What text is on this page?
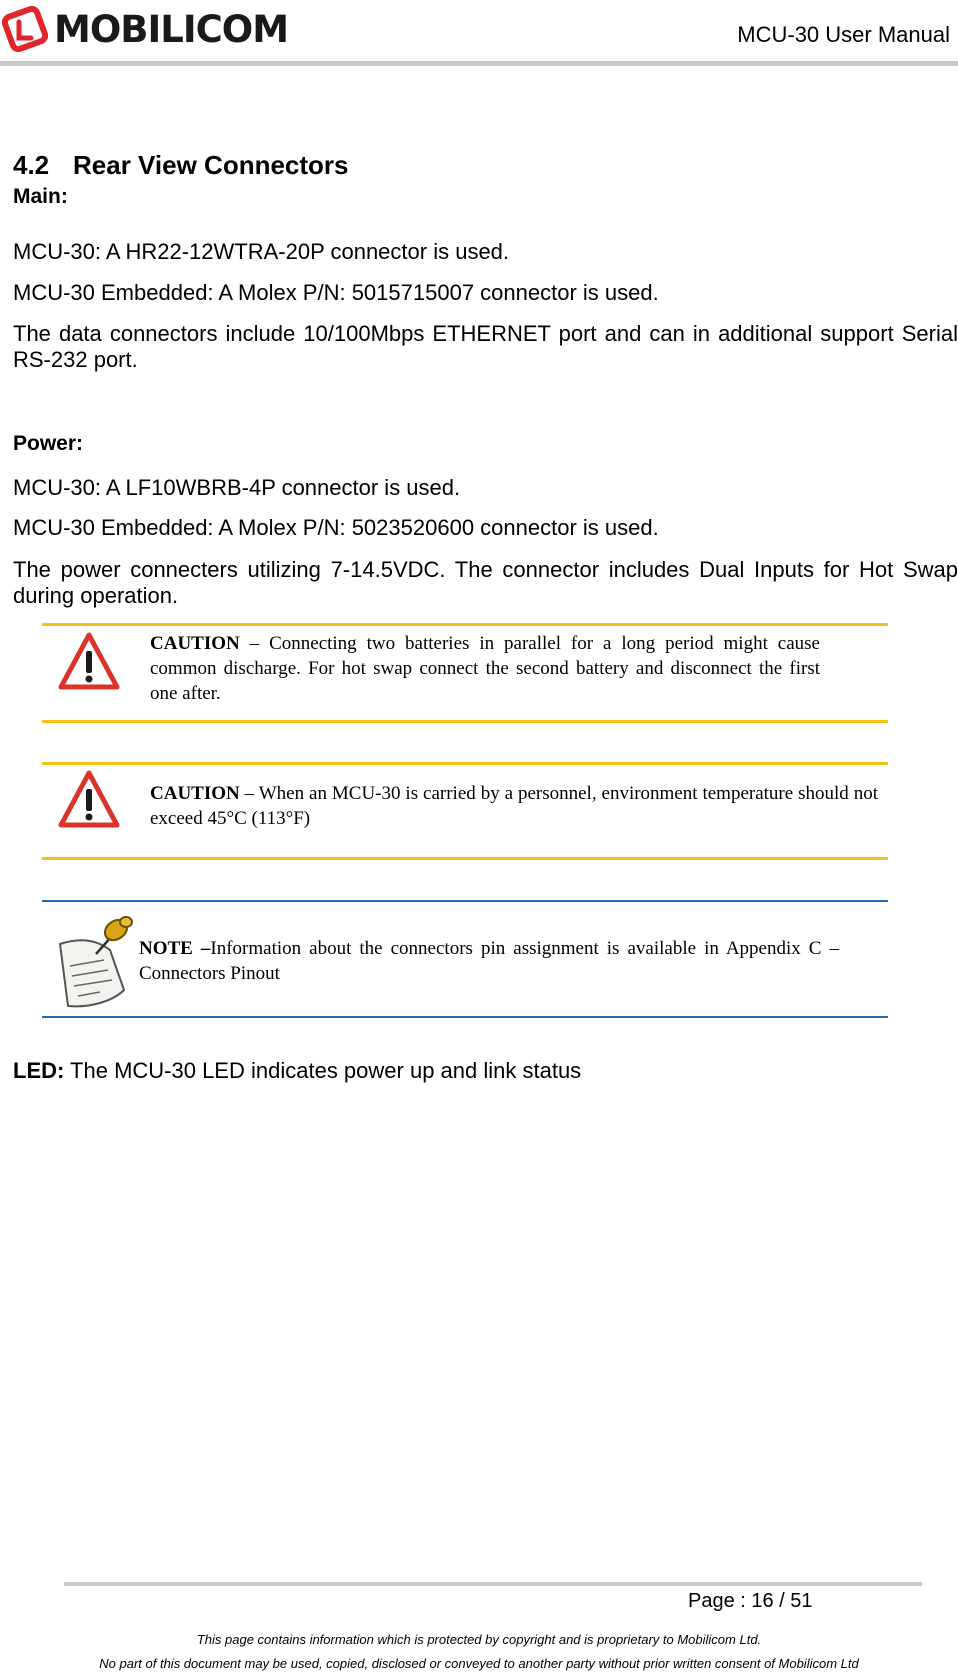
MOBILICOM	MCU-30 User Manual
4.2 Rear View Connectors
Main:
MCU-30: A HR22-12WTRA-20P connector is used.
MCU-30 Embedded: A Molex P/N: 5015715007 connector is used.
The data connectors include 10/100Mbps ETHERNET port and can in additional support Serial RS-232 port.
Power:
MCU-30: A LF10WBRB-4P connector is used.
MCU-30 Embedded: A Molex P/N: 5023520600 connector is used.
The power connecters utilizing 7-14.5VDC. The connector includes Dual Inputs for Hot Swap during operation.
LED: The MCU-30 LED indicates power up and link status
CAUTION – Connecting two batteries in parallel for a long period might cause common discharge. For hot swap connect the second battery and disconnect the first one after.
CAUTION – When an MCU-30 is carried by a personnel, environment temperature should not exceed 45°C (113°F)
NOTE –Information about the connectors pin assignment is available in Appendix C – Connectors Pinout
Page : 16 / 51
This page contains information which is protected by copyright and is proprietary to Mobilicom Ltd.
No part of this document may be used, copied, disclosed or conveyed to another party without prior written consent of Mobilicom Ltd
